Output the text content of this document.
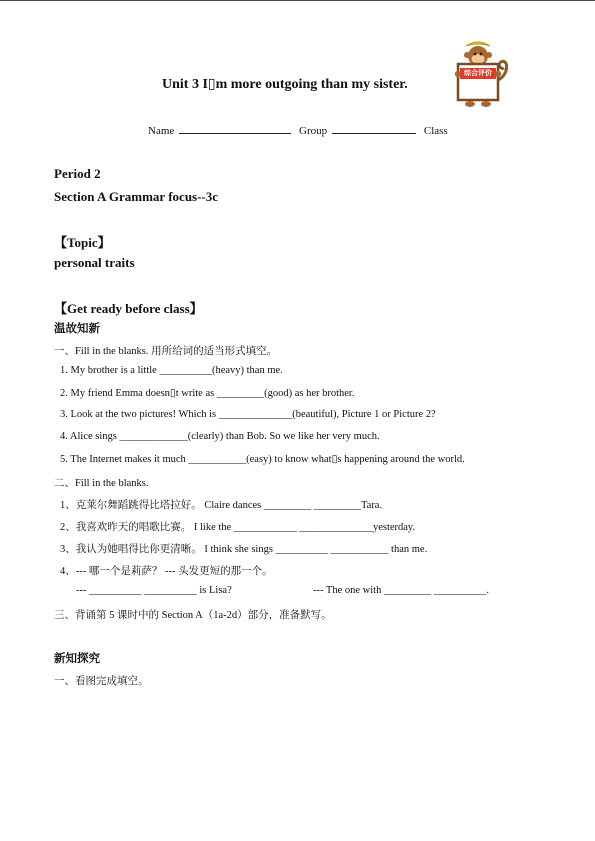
综合评价
Unit 3 I▯m more outgoing than my sister.
Name	Group	Class
Period 2
Section A Grammar focus--3c
【Topic】
personal traits
【Get ready before class】
温故知新
一、Fill in the blanks. 用所给词的适当形式填空。
1. My brother is a little __________(heavy) than me.
2. My friend Emma doesn▯t write as _________(good) as her brother.
3. Look at the two pictures! Which is ______________(beautiful), Picture 1 or Picture 2?
4. Alice sings _____________(clearly) than Bob. So we like her very much.
5. The Internet makes it much ___________(easy) to know what▯s happening around the world.
二、Fill in the blanks.
1、克莱尔舞蹈跳得比塔拉好。 Claire dances _________ _________Tara.
2、我喜欢昨天的唱歌比赛。 I like the ____________ ______________yesterday.
3、我认为她唱得比你更清晰。 I think she sings __________ ___________ than me.
4、--- 哪一个是莉萨？ --- 头发更短的那一个。
--- __________ __________ is Lisa?	--- The one with _________ __________.
三、背诵第 5 课时中的 Section A（1a-2d）部分，准备默写。
新知探究
一、看图完成填空。
